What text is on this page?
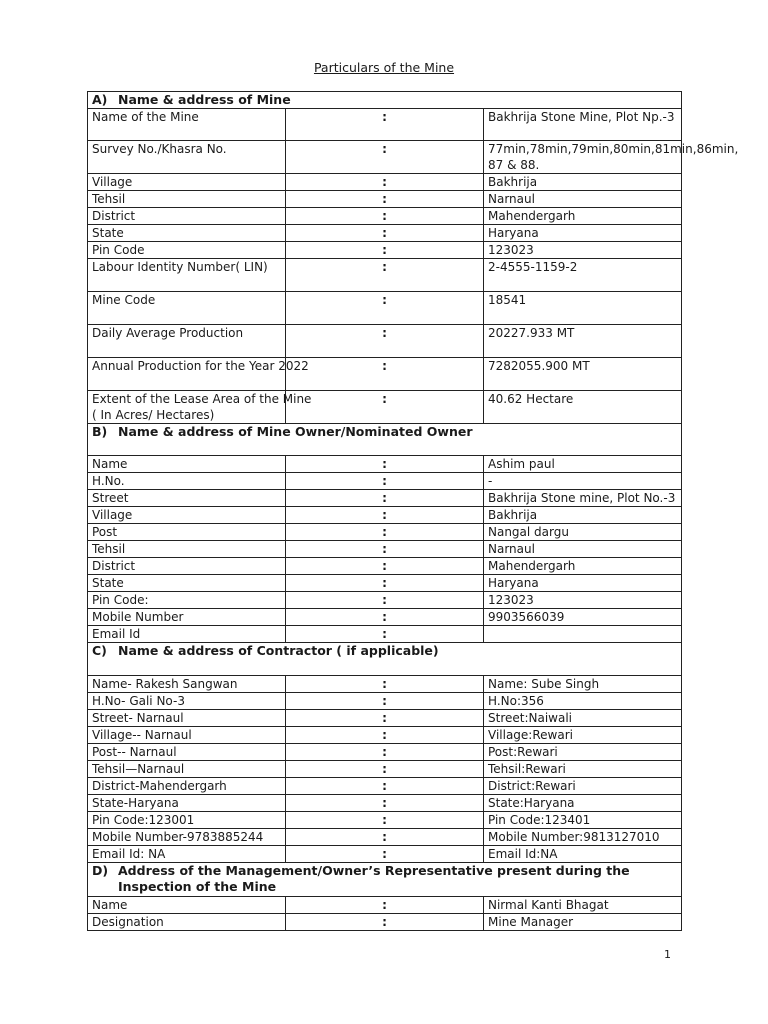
Particulars of the Mine
A) Name & address of Mine		

Name of the Mine	:	Bakhrija Stone Mine, Plot Np.-3

Survey No./Khasra No.	:	77min,78min,79min,80min,81min,86min, 87 & 88.

Village	:	Bakhrija

Tehsil	:	Narnaul

District	:	Mahendergarh

State	:	Haryana

Pin Code	:	123023

Labour Identity Number( LIN)	:	2-4555-1159-2

Mine Code	:	18541

Daily Average Production	:	20227.933 MT

Annual Production for the Year 2022	:	7282055.900 MT

Extent of the Lease Area of the Mine
( In Acres/ Hectares)	:	40.62 Hectare
B) Name & address of Mine Owner/Nominated Owner		

Name	:	Ashim paul

H.No.	:	-

Street	:	Bakhrija Stone mine, Plot No.-3

Village	:	Bakhrija

Post	:	Nangal dargu

Tehsil	:	Narnaul

District	:	Mahendergarh

State	:	Haryana

Pin Code:	:	123023

Mobile Number	:	9903566039

Email Id	:	
C) Name & address of Contractor ( if applicable)		

Name- Rakesh Sangwan	:	Name: Sube Singh

H.No- Gali No-3	:	H.No:356

Street- Narnaul	:	Street:Naiwali

Village-- Narnaul	:	Village:Rewari

Post-- Narnaul	:	Post:Rewari

Tehsil—Narnaul	:	Tehsil:Rewari

District-Mahendergarh	:	District:Rewari

State-Haryana	:	State:Haryana

Pin Code:123001	:	Pin Code:123401

Mobile Number-9783885244	:	Mobile Number:9813127010

Email Id: NA	:	Email Id:NA
D) Address of the Management/Owner’s Representative present during the Inspection of the Mine		

Name	:	Nirmal Kanti Bhagat

Designation	:	Mine Manager
1
